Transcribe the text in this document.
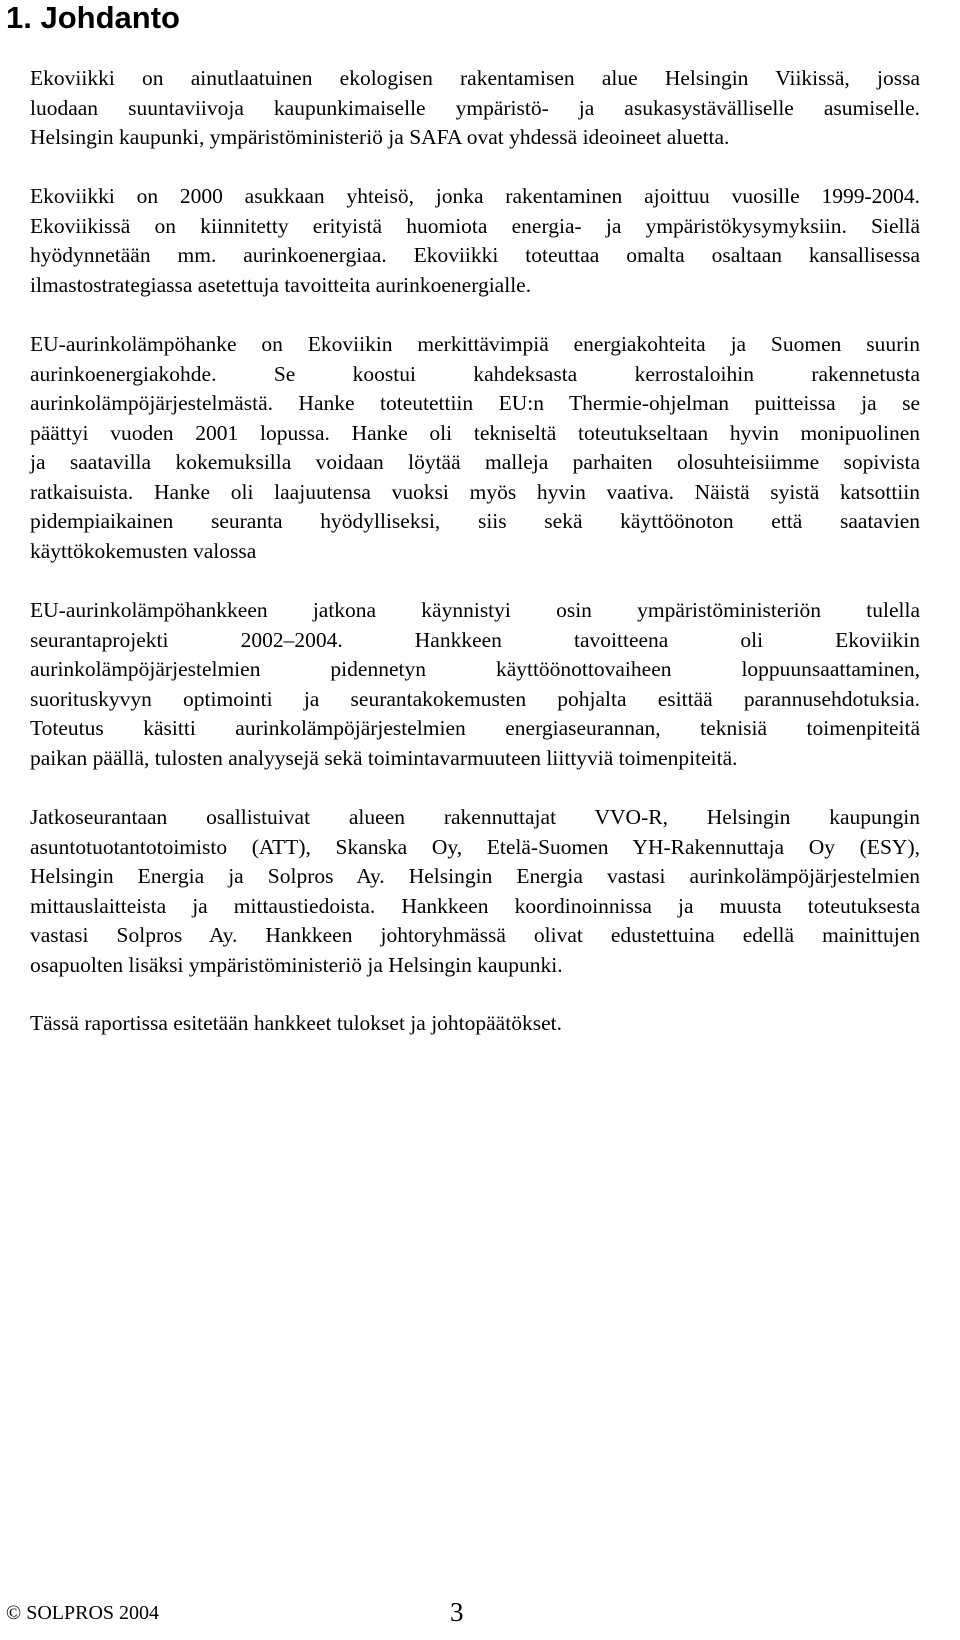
1. Johdanto

Ekoviikki on ainutlaatuinen ekologisen rakentamisen alue Helsingin Viikissä, jossa
luodaan suuntaviivoja kaupunkimaiselle ympäristö- ja asukasystävälliselle asumiselle.
Helsingin kaupunki, ympäristöministeriö ja SAFA ovat yhdessä ideoineet aluetta.

Ekoviikki on 2000 asukkaan yhteisö, jonka rakentaminen ajoittuu vuosille 1999-2004.
Ekoviikissä on kiinnitetty erityistä huomiota energia- ja ympäristökysymyksiin. Siellä
hyödynnetään mm. aurinkoenergiaa. Ekoviikki toteuttaa omalta osaltaan kansallisessa
ilmastostrategiassa asetettuja tavoitteita aurinkoenergialle.

EU-aurinkolämpöhanke on Ekoviikin merkittävimpiä energiakohteita ja Suomen suurin
aurinkoenergiakohde. Se koostui kahdeksasta kerrostaloihin rakennetusta
aurinkolämpöjärjestelmästä. Hanke toteutettiin EU:n Thermie-ohjelman puitteissa ja se
päättyi vuoden 2001 lopussa. Hanke oli tekniseltä toteutukseltaan hyvin monipuolinen
ja saatavilla kokemuksilla voidaan löytää malleja parhaiten olosuhteisiimme sopivista
ratkaisuista. Hanke oli laajuutensa vuoksi myös hyvin vaativa. Näistä syistä katsottiin
pidempiaikainen seuranta hyödylliseksi, siis sekä käyttöönoton että saatavien
käyttökokemusten valossa

EU-aurinkolämpöhankkeen jatkona käynnistyi osin ympäristöministeriön tulella
seurantaprojekti 2002–2004. Hankkeen tavoitteena oli Ekoviikin
aurinkolämpöjärjestelmien pidennetyn käyttöönottovaiheen loppuunsaattaminen,
suorituskyvyn optimointi ja seurantakokemusten pohjalta esittää parannusehdotuksia.
Toteutus käsitti aurinkolämpöjärjestelmien energiaseurannan, teknisiä toimenpiteitä
paikan päällä, tulosten analyysejä sekä toimintavarmuuteen liittyviä toimenpiteitä.

Jatkoseurantaan osallistuivat alueen rakennuttajat VVO-R, Helsingin kaupungin
asuntotuotantotoimisto (ATT), Skanska Oy, Etelä-Suomen YH-Rakennuttaja Oy (ESY),
Helsingin Energia ja Solpros Ay. Helsingin Energia vastasi aurinkolämpöjärjestelmien
mittauslaitteista ja mittaustiedoista. Hankkeen koordinoinnissa ja muusta toteutuksesta
vastasi Solpros Ay. Hankkeen johtoryhmässä olivat edustettuina edellä mainittujen
osapuolten lisäksi ympäristöministeriö ja Helsingin kaupunki.

Tässä raportissa esitetään hankkeet tulokset ja johtopäätökset.

© SOLPROS 2004	3
